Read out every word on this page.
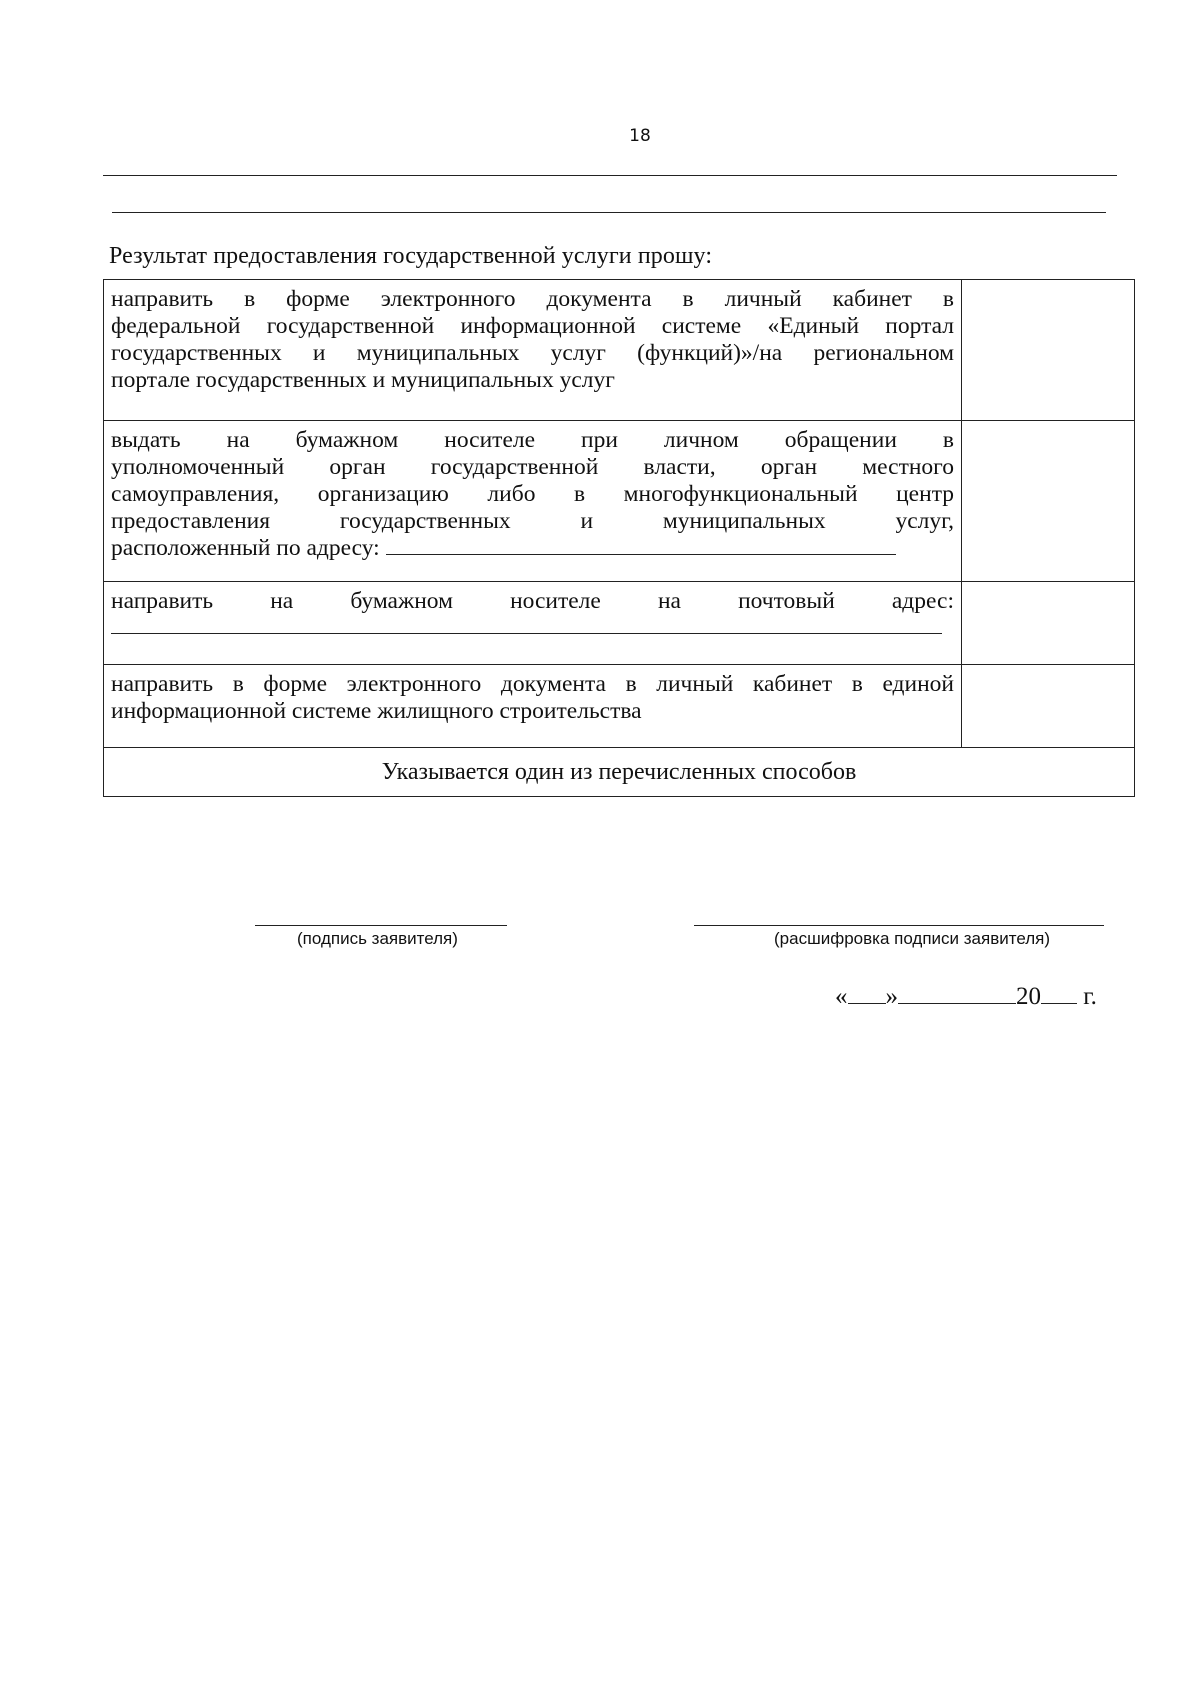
18
Результат предоставления государственной услуги прошу:
направить в форме электронного документа в личный кабинет в
федеральной государственной информационной системе «Единый портал
государственных и муниципальных услуг (функций)»/на региональном
портале государственных и муниципальных услуг	

выдать на бумажном носителе при личном обращении в
уполномоченный орган государственной власти, орган местного
самоуправления, организацию либо в многофункциональный центр
предоставления государственных и муниципальных услуг,
расположенный по адресу:	

направить на бумажном носителе на почтовый адрес:	

направить в форме электронного документа в личный кабинет в единой
информационной системе жилищного строительства	

Указывается один из перечисленных способов	
(подпись заявителя)	(расшифровка подписи заявителя)
« »	20 г.
